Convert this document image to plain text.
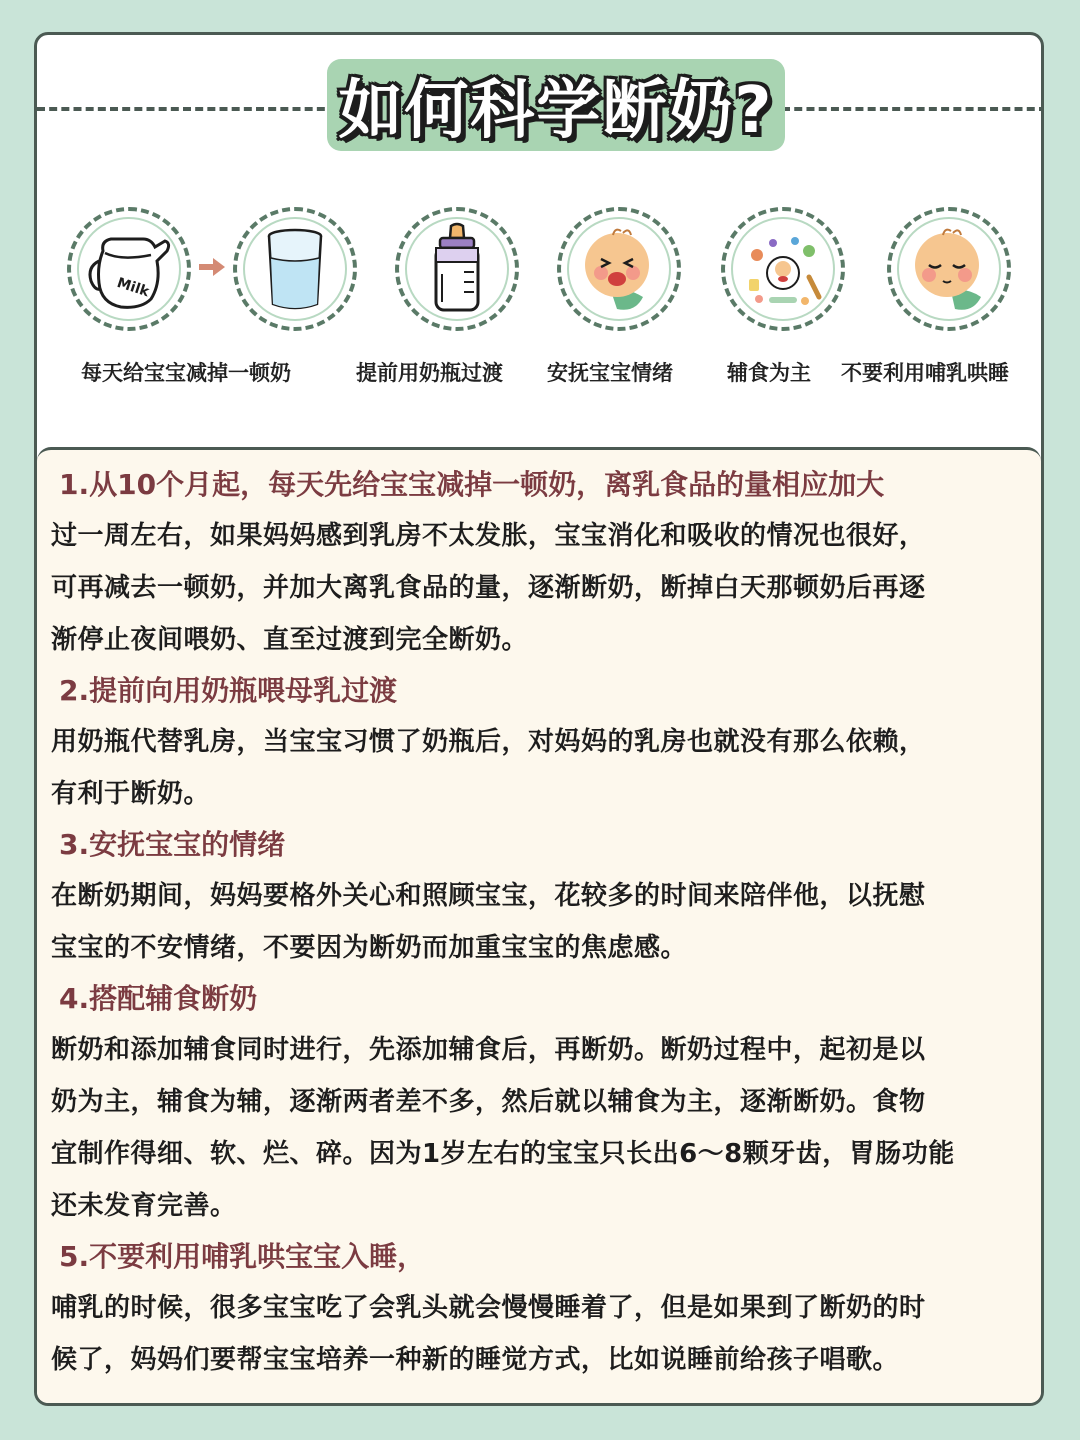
如何科学断奶?
Milk
每天给宝宝减掉一顿奶	提前用奶瓶过渡 安抚宝宝情绪	辅食为主 不要利用哺乳哄睡
1.从10个月起，每天先给宝宝减掉一顿奶，离乳食品的量相应加大
过一周左右，如果妈妈感到乳房不太发胀，宝宝消化和吸收的情况也很好，
可再减去一顿奶，并加大离乳食品的量，逐渐断奶，断掉白天那顿奶后再逐
渐停止夜间喂奶、直至过渡到完全断奶。
2.提前向用奶瓶喂母乳过渡
用奶瓶代替乳房，当宝宝习惯了奶瓶后，对妈妈的乳房也就没有那么依赖，
有利于断奶。
3.安抚宝宝的情绪
在断奶期间，妈妈要格外关心和照顾宝宝，花较多的时间来陪伴他，以抚慰
宝宝的不安情绪，不要因为断奶而加重宝宝的焦虑感。
4.搭配辅食断奶
断奶和添加辅食同时进行，先添加辅食后，再断奶。断奶过程中，起初是以
奶为主，辅食为辅，逐渐两者差不多，然后就以辅食为主，逐渐断奶。食物
宜制作得细、软、烂、碎。因为1岁左右的宝宝只长出6～8颗牙齿，胃肠功能
还未发育完善。
5.不要利用哺乳哄宝宝入睡，
哺乳的时候，很多宝宝吃了会乳头就会慢慢睡着了，但是如果到了断奶的时
候了，妈妈们要帮宝宝培养一种新的睡觉方式，比如说睡前给孩子唱歌。
